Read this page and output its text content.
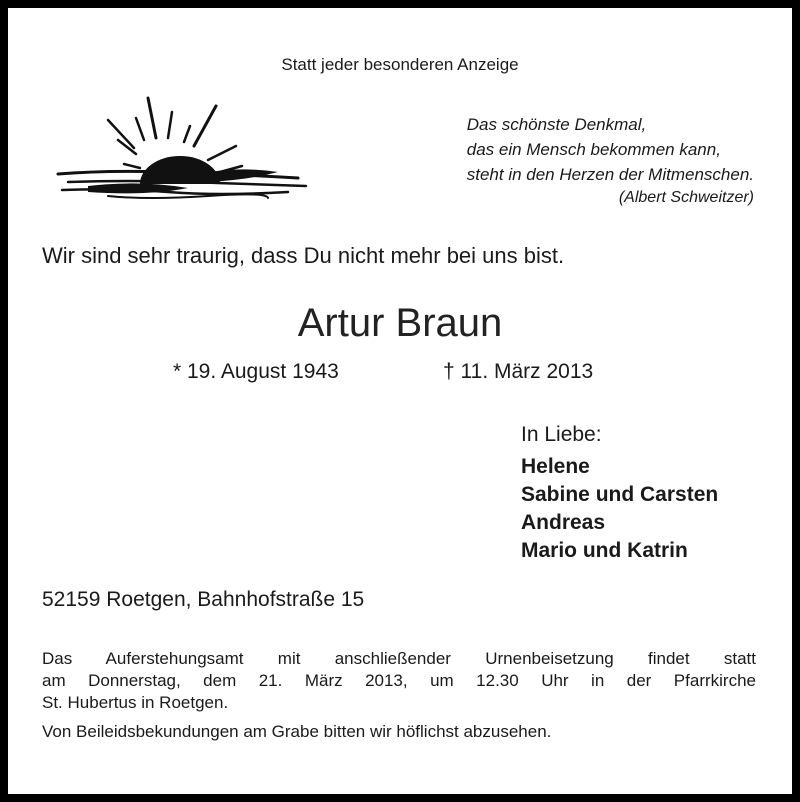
Statt jeder besonderen Anzeige
Das schönste Denkmal,
das ein Mensch bekommen kann,
steht in den Herzen der Mitmenschen.
(Albert Schweitzer)
Wir sind sehr traurig, dass Du nicht mehr bei uns bist.
Artur Braun
* 19. August 1943	† 11. März 2013
In Liebe:
Helene
Sabine und Carsten
Andreas
Mario und Katrin
52159 Roetgen, Bahnhofstraße 15
Das Auferstehungsamt mit anschließender Urnenbeisetzung findet statt
am Donnerstag, dem 21. März 2013, um 12.30 Uhr in der Pfarrkirche
St. Hubertus in Roetgen.
Von Beileidsbekundungen am Grabe bitten wir höflichst abzusehen.
